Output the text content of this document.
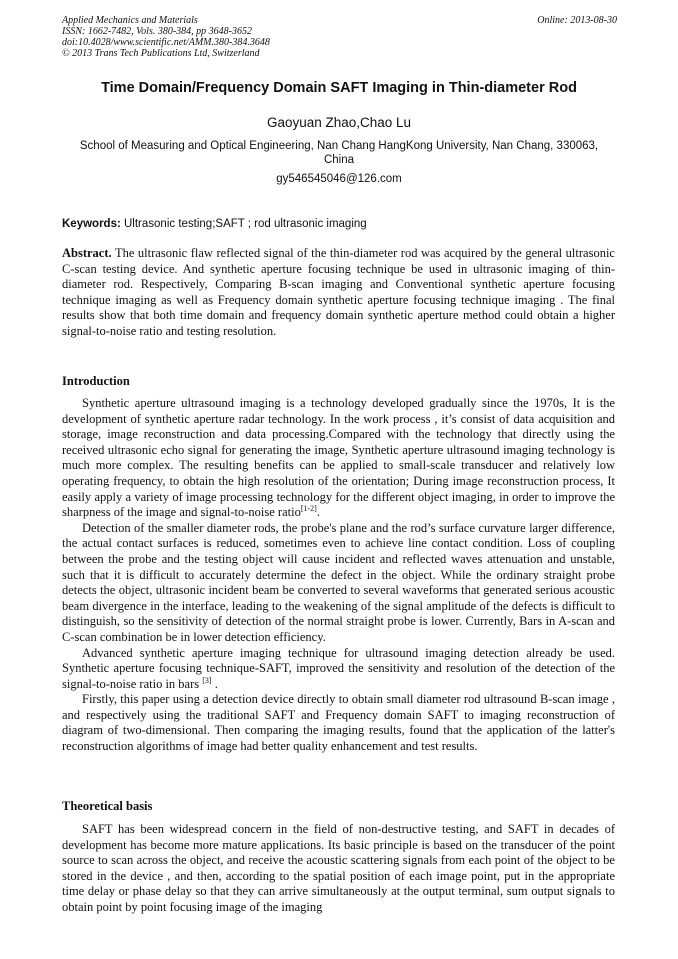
Applied Mechanics and Materials
ISSN: 1662-7482, Vols. 380-384, pp 3648-3652
doi:10.4028/www.scientific.net/AMM.380-384.3648
© 2013 Trans Tech Publications Ltd, Switzerland
Online: 2013-08-30
Time Domain/Frequency Domain SAFT Imaging in Thin-diameter Rod
Gaoyuan Zhao,Chao Lu
School of Measuring and Optical Engineering, Nan Chang HangKong University, Nan Chang, 330063, China
gy546545046@126.com
Keywords: Ultrasonic testing;SAFT ; rod ultrasonic imaging

Abstract. The ultrasonic flaw reflected signal of the thin-diameter rod was acquired by the general ultrasonic C-scan testing device. And synthetic aperture focusing technique be used in ultrasonic imaging of thin-diameter rod. Respectively, Comparing B-scan imaging and Conventional synthetic aperture focusing technique imaging as well as Frequency domain synthetic aperture focusing technique imaging . The final results show that both time domain and frequency domain synthetic aperture method could obtain a higher signal-to-noise ratio and testing resolution.

Introduction

Synthetic aperture ultrasound imaging is a technology developed gradually since the 1970s, It is the development of synthetic aperture radar technology. In the work process , it’s consist of data acquisition and storage, image reconstruction and data processing.Compared with the technology that directly using the received ultrasonic echo signal for generating the image, Synthetic aperture ultrasound imaging technology is much more complex. The resulting benefits can be applied to small-scale transducer and relatively low operating frequency, to obtain the high resolution of the orientation; During image reconstruction process, It easily apply a variety of image processing technology for the different object imaging, in order to improve the sharpness of the image and signal-to-noise ratio[1-2].

Detection of the smaller diameter rods, the probe's plane and the rod’s surface curvature larger difference, the actual contact surfaces is reduced, sometimes even to achieve line contact condition. Loss of coupling between the probe and the testing object will cause incident and reflected waves attenuation and unstable, such that it is difficult to accurately determine the defect in the object. While the ordinary straight probe detects the object, ultrasonic incident beam be converted to several waveforms that generated serious acoustic beam divergence in the interface, leading to the weakening of the signal amplitude of the defects is difficult to distinguish, so the sensitivity of detection of the normal straight probe is lower. Currently, Bars in A-scan and C-scan combination be in lower detection efficiency.

Advanced synthetic aperture imaging technique for ultrasound imaging detection already be used. Synthetic aperture focusing technique-SAFT, improved the sensitivity and resolution of the detection of the signal-to-noise ratio in bars [3] .

Firstly, this paper using a detection device directly to obtain small diameter rod ultrasound B-scan image , and respectively using the traditional SAFT and Frequency domain SAFT to imaging reconstruction of diagram of two-dimensional. Then comparing the imaging results, found that the application of the latter's reconstruction algorithms of image had better quality enhancement and test results.

Theoretical basis

SAFT has been widespread concern in the field of non-destructive testing, and SAFT in decades of development has become more mature applications. Its basic principle is based on the transducer of the point source to scan across the object, and receive the acoustic scattering signals from each point of the object to be stored in the device , and then, according to the spatial position of each image point, put in the appropriate time delay or phase delay so that they can arrive simultaneously at the output terminal, sum output signals to obtain point by point focusing image of the imaging
